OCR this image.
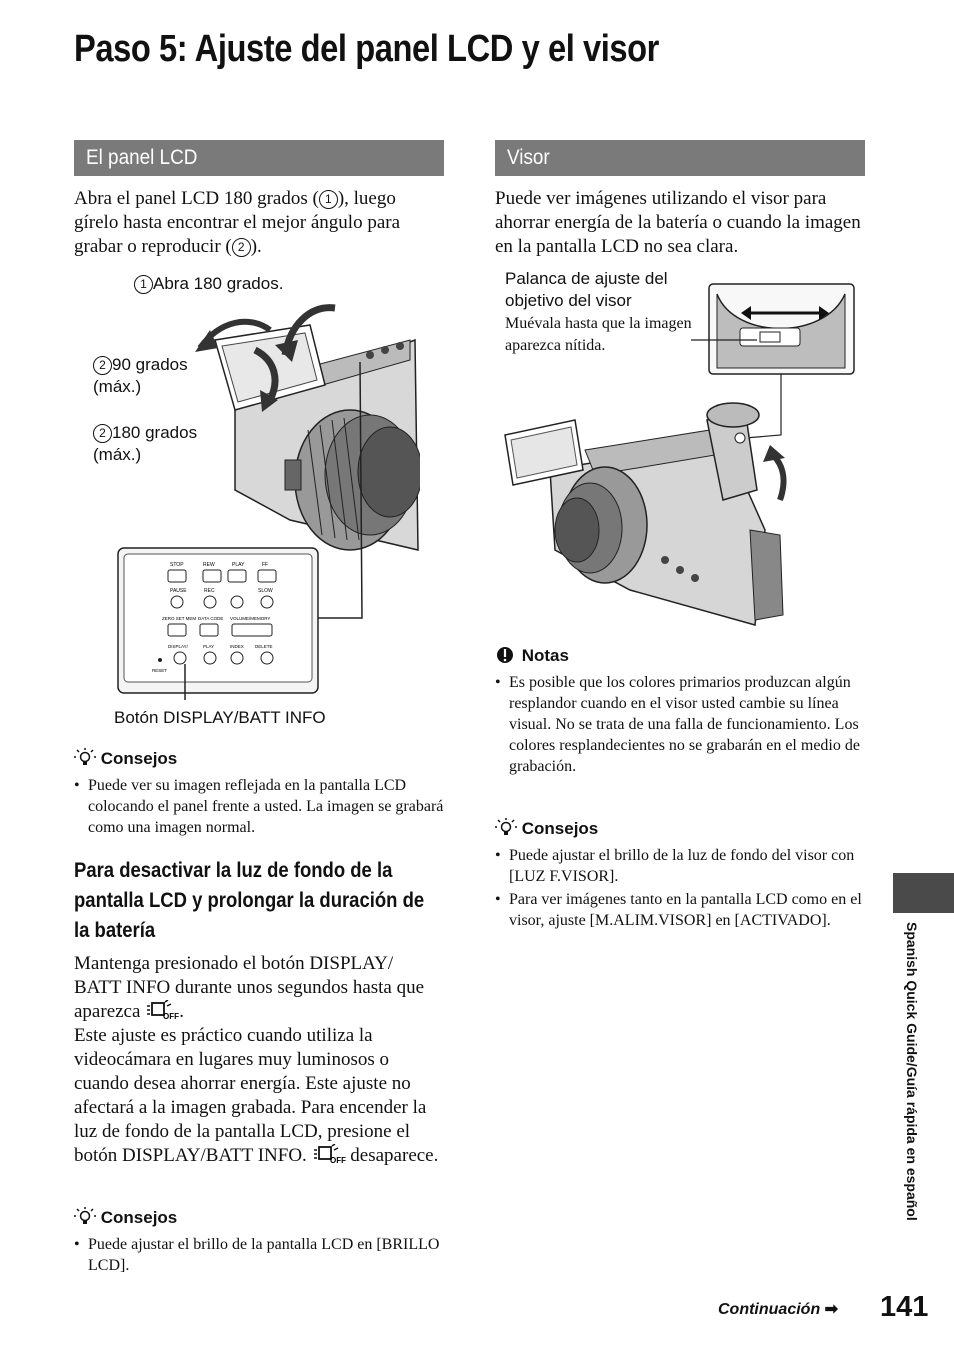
Paso 5: Ajuste del panel LCD y el visor
El panel LCD
Abra el panel LCD 180 grados ( 1 ), luego gírelo hasta encontrar el mejor ángulo para grabar o reproducir ( 2 ).
1 Abra 180 grados.
2 90 grados (máx.)
2 180 grados (máx.)
STOP	REW	PLAY	FF
PAUSE	REC	SLOW
ZERO SET MEM DATA CODE VOLUME/MEMORY
DISPLAY/	PLAY	INDEX DELETE
RESET
Botón DISPLAY/BATT INFO
Consejos
• Puede ver su imagen reflejada en la pantalla LCD colocando el panel frente a usted. La imagen se grabará como una imagen normal.
Para desactivar la luz de fondo de la pantalla LCD y prolongar la duración de la batería
Mantenga presionado el botón DISPLAY/ BATT INFO durante unos segundos hasta que aparezca	OFF .
Este ajuste es práctico cuando utiliza la videocámara en lugares muy luminosos o cuando desea ahorrar energía. Este ajuste no afectará a la imagen grabada. Para encender la luz de fondo de la pantalla LCD, presione el botón DISPLAY/BATT INFO.	OFF desaparece.
Consejos
• Puede ajustar el brillo de la pantalla LCD en [BRILLO LCD].
Visor
Puede ver imágenes utilizando el visor para ahorrar energía de la batería o cuando la imagen en la pantalla LCD no sea clara.
Palanca de ajuste del objetivo del visor
Muévala hasta que la imagen aparezca nítida.
Notas
• Es posible que los colores primarios produzcan algún resplandor cuando en el visor usted cambie su línea visual. No se trata de una falla de funcionamiento. Los colores resplandecientes no se grabarán en el medio de grabación.
Consejos
• Puede ajustar el brillo de la luz de fondo del visor con [LUZ F.VISOR].
• Para ver imágenes tanto en la pantalla LCD como en el visor, ajuste [M.ALIM.VISOR] en [ACTIVADO].
Spanish Quick Guide/Guía rápida en español
Continuación ➡ 141
